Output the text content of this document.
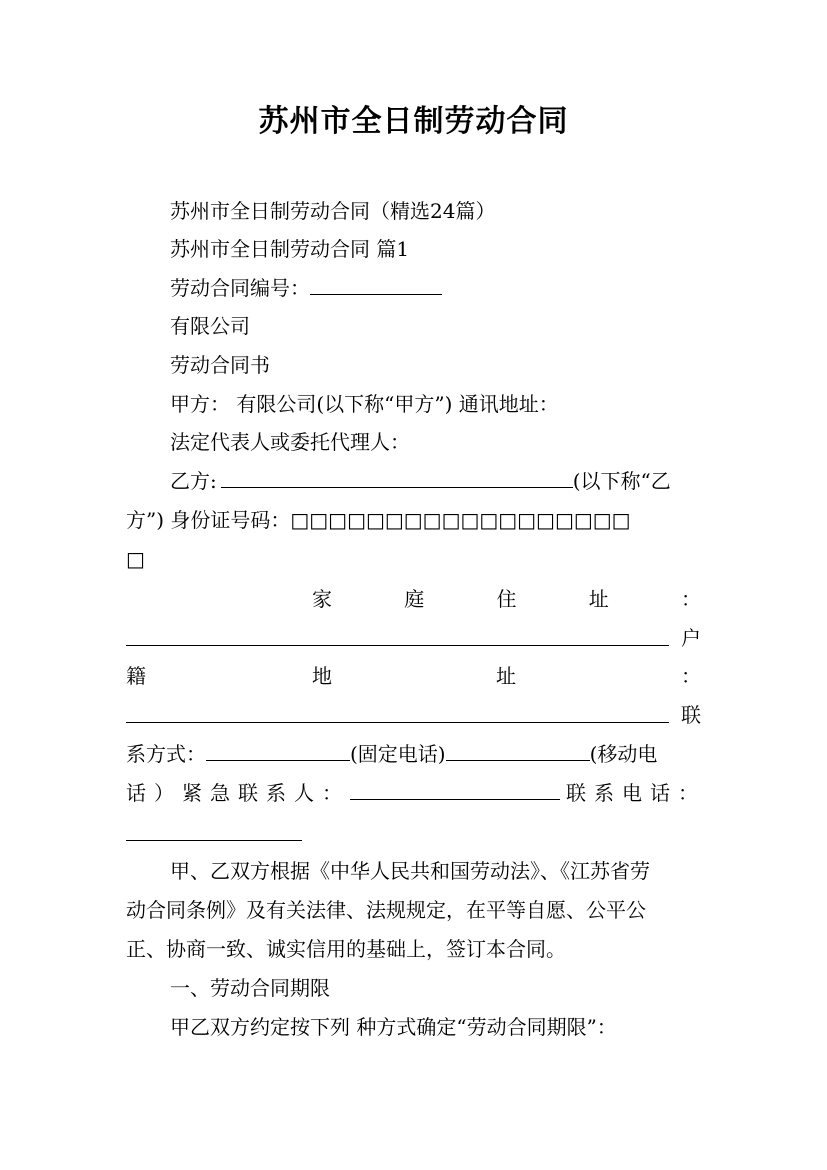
苏州市全日制劳动合同
苏州市全日制劳动合同（精选24篇）
苏州市全日制劳动合同 篇1
劳动合同编号：
有限公司
劳动合同书
甲方： 有限公司(以下称“甲方”) 通讯地址：
法定代表人或委托代理人：
乙方:	(以下称“乙
方”) 身份证号码：□□□□□□□□□□□□□□□□□□
□
家	庭	住	址	：
户
籍	地	址	：
联
系方式：	(固定电话)	(移动电
话）紧急联系人：	联系电话：
甲、乙双方根据《中华人民共和国劳动法》、《江苏省劳
动合同条例》及有关法律、法规规定，在平等自愿、公平公
正、协商一致、诚实信用的基础上，签订本合同。
一、劳动合同期限
甲乙双方约定按下列 种方式确定“劳动合同期限”：
